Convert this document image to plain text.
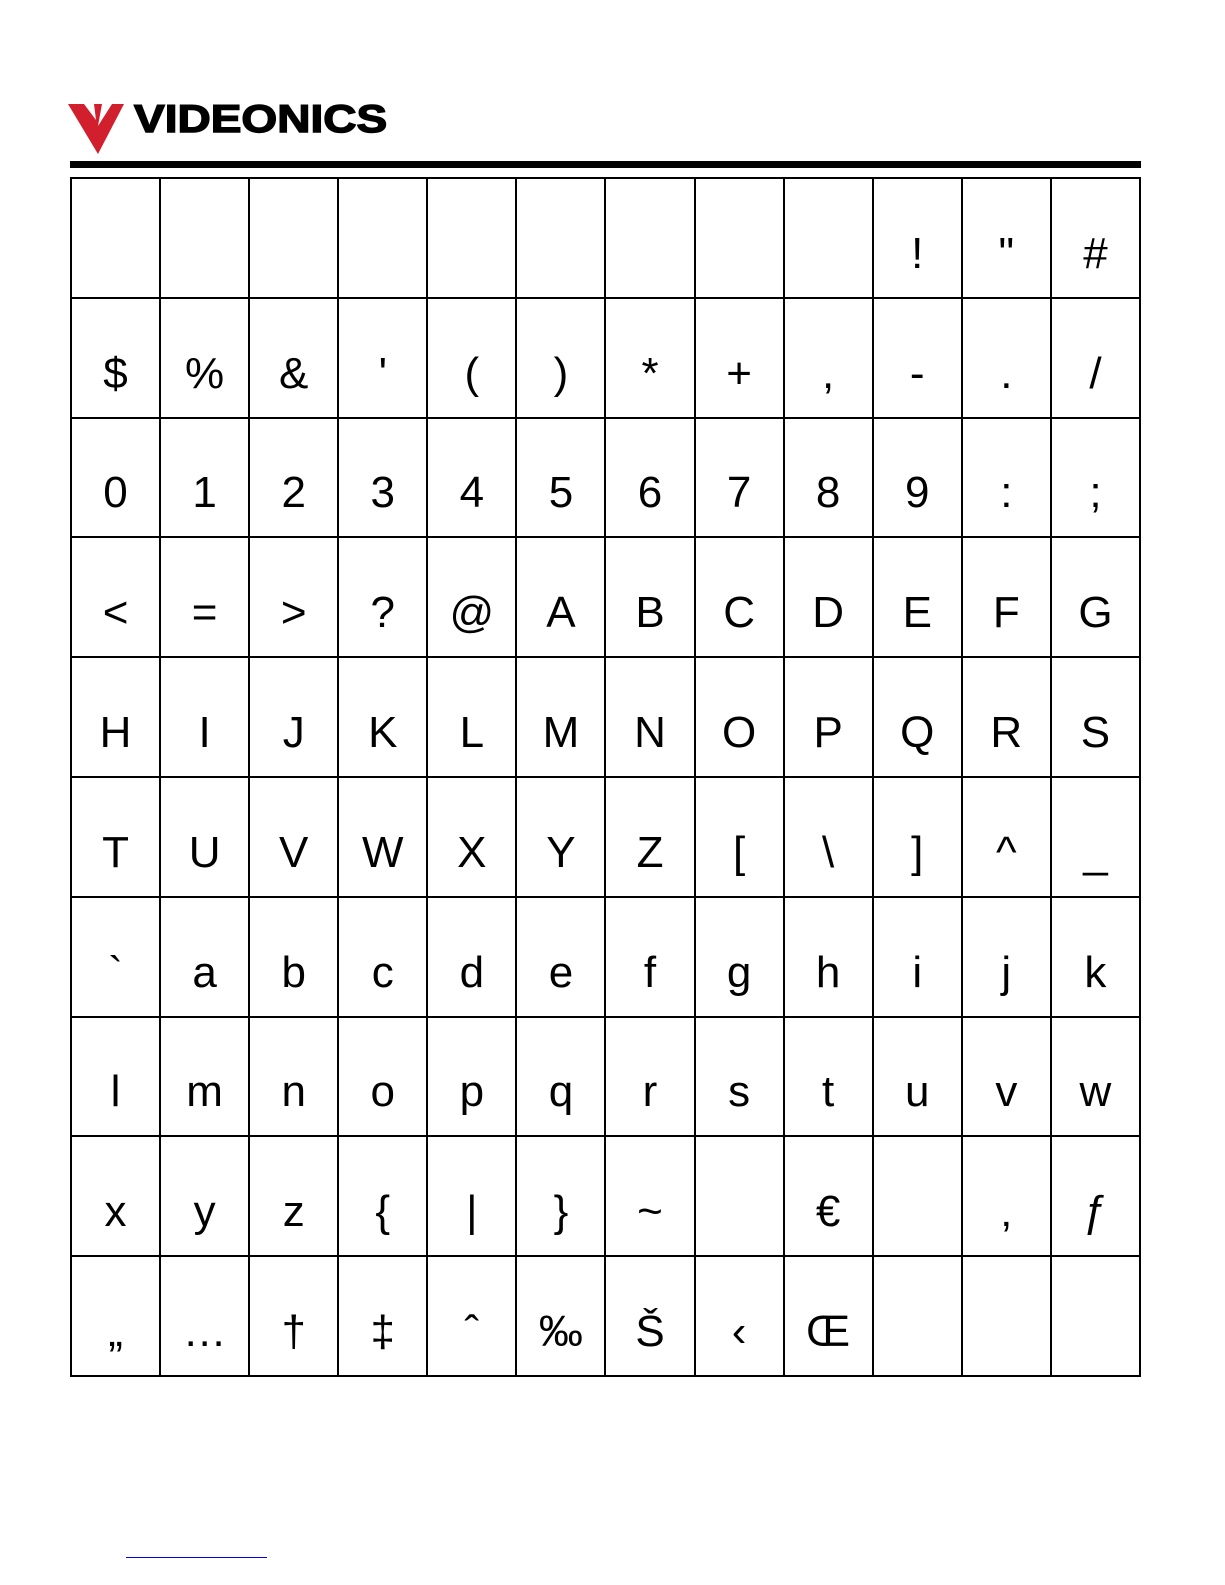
VIDEONICS
									!	"	#
$	%	&	'	(	)	*	+	,	-	.	/
0	1	2	3	4	5	6	7	8	9	:	;
<	=	>	?	@	A	B	C	D	E	F	G
H	I	J	K	L	M	N	O	P	Q	R	S
T	U	V	W	X	Y	Z	[	\	]	^	_
`	a	b	c	d	e	f	g	h	i	j	k
l	m	n	o	p	q	r	s	t	u	v	w
x	y	z	{	|	}	~		€		‚	ƒ
„	…	†	‡	ˆ	‰	Š	‹	Œ			
